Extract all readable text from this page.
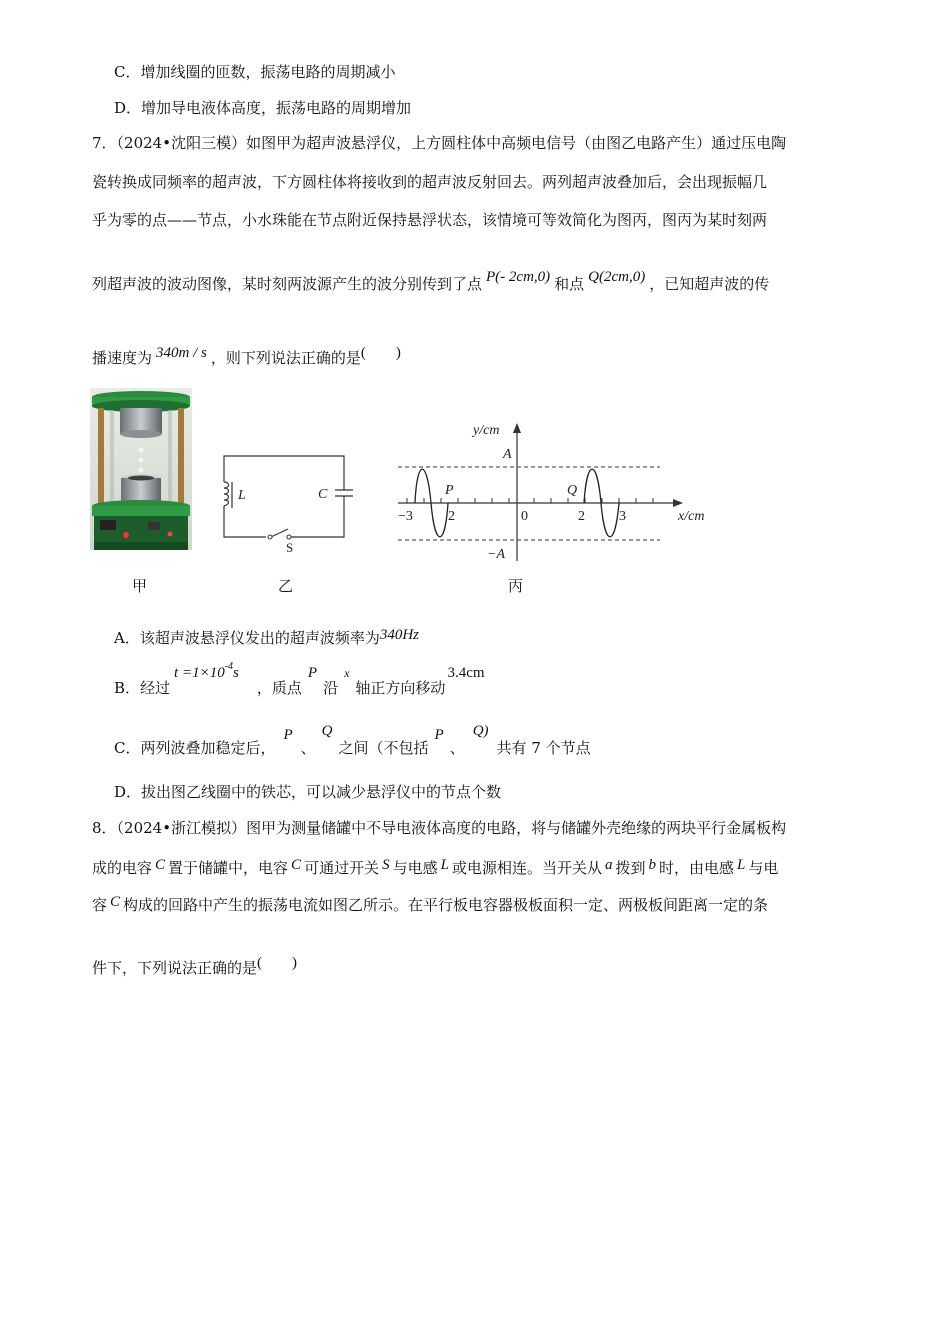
C．增加线圈的匝数，振荡电路的周期减小
D．增加导电液体高度，振荡电路的周期增加
7．（2024•沈阳三模）如图甲为超声波悬浮仪，上方圆柱体中高频电信号（由图乙电路产生）通过压电陶
瓷转换成同频率的超声波，下方圆柱体将接收到的超声波反射回去。两列超声波叠加后，会出现振幅几
乎为零的点——节点，小水珠能在节点附近保持悬浮状态，该情境可等效简化为图丙，图丙为某时刻两
列超声波的波动图像，某时刻两波源产生的波分别传到了点 P(- 2cm,0) 和点 Q(2cm,0) ，已知超声波的传
播速度为 340m / s ，则下列说法正确的是(　　)
甲
L	C
S
乙
y/cm
x/cm
A
−A
P	Q
−3	2	0	2 3
丙
A．该超声波悬浮仪发出的超声波频率为340Hz
B．经过$t =1\times 10^{-4}s$，质点P沿$^x$轴正方向移动3.4cm
C．两列波叠加稳定后，P、Q之间（不包括P、Q)共有 7 个节点
D．拔出图乙线圈中的铁芯，可以减少悬浮仪中的节点个数
8．（2024•浙江模拟）图甲为测量储罐中不导电液体高度的电路，将与储罐外壳绝缘的两块平行金属板构
成的电容 C 置于储罐中，电容 C 可通过开关 S 与电感 L 或电源相连。当开关从 a 拨到 b 时，由电感 L 与电
容 C 构成的回路中产生的振荡电流如图乙所示。在平行板电容器极板面积一定、两极板间距离一定的条
件下，下列说法正确的是(　　)
